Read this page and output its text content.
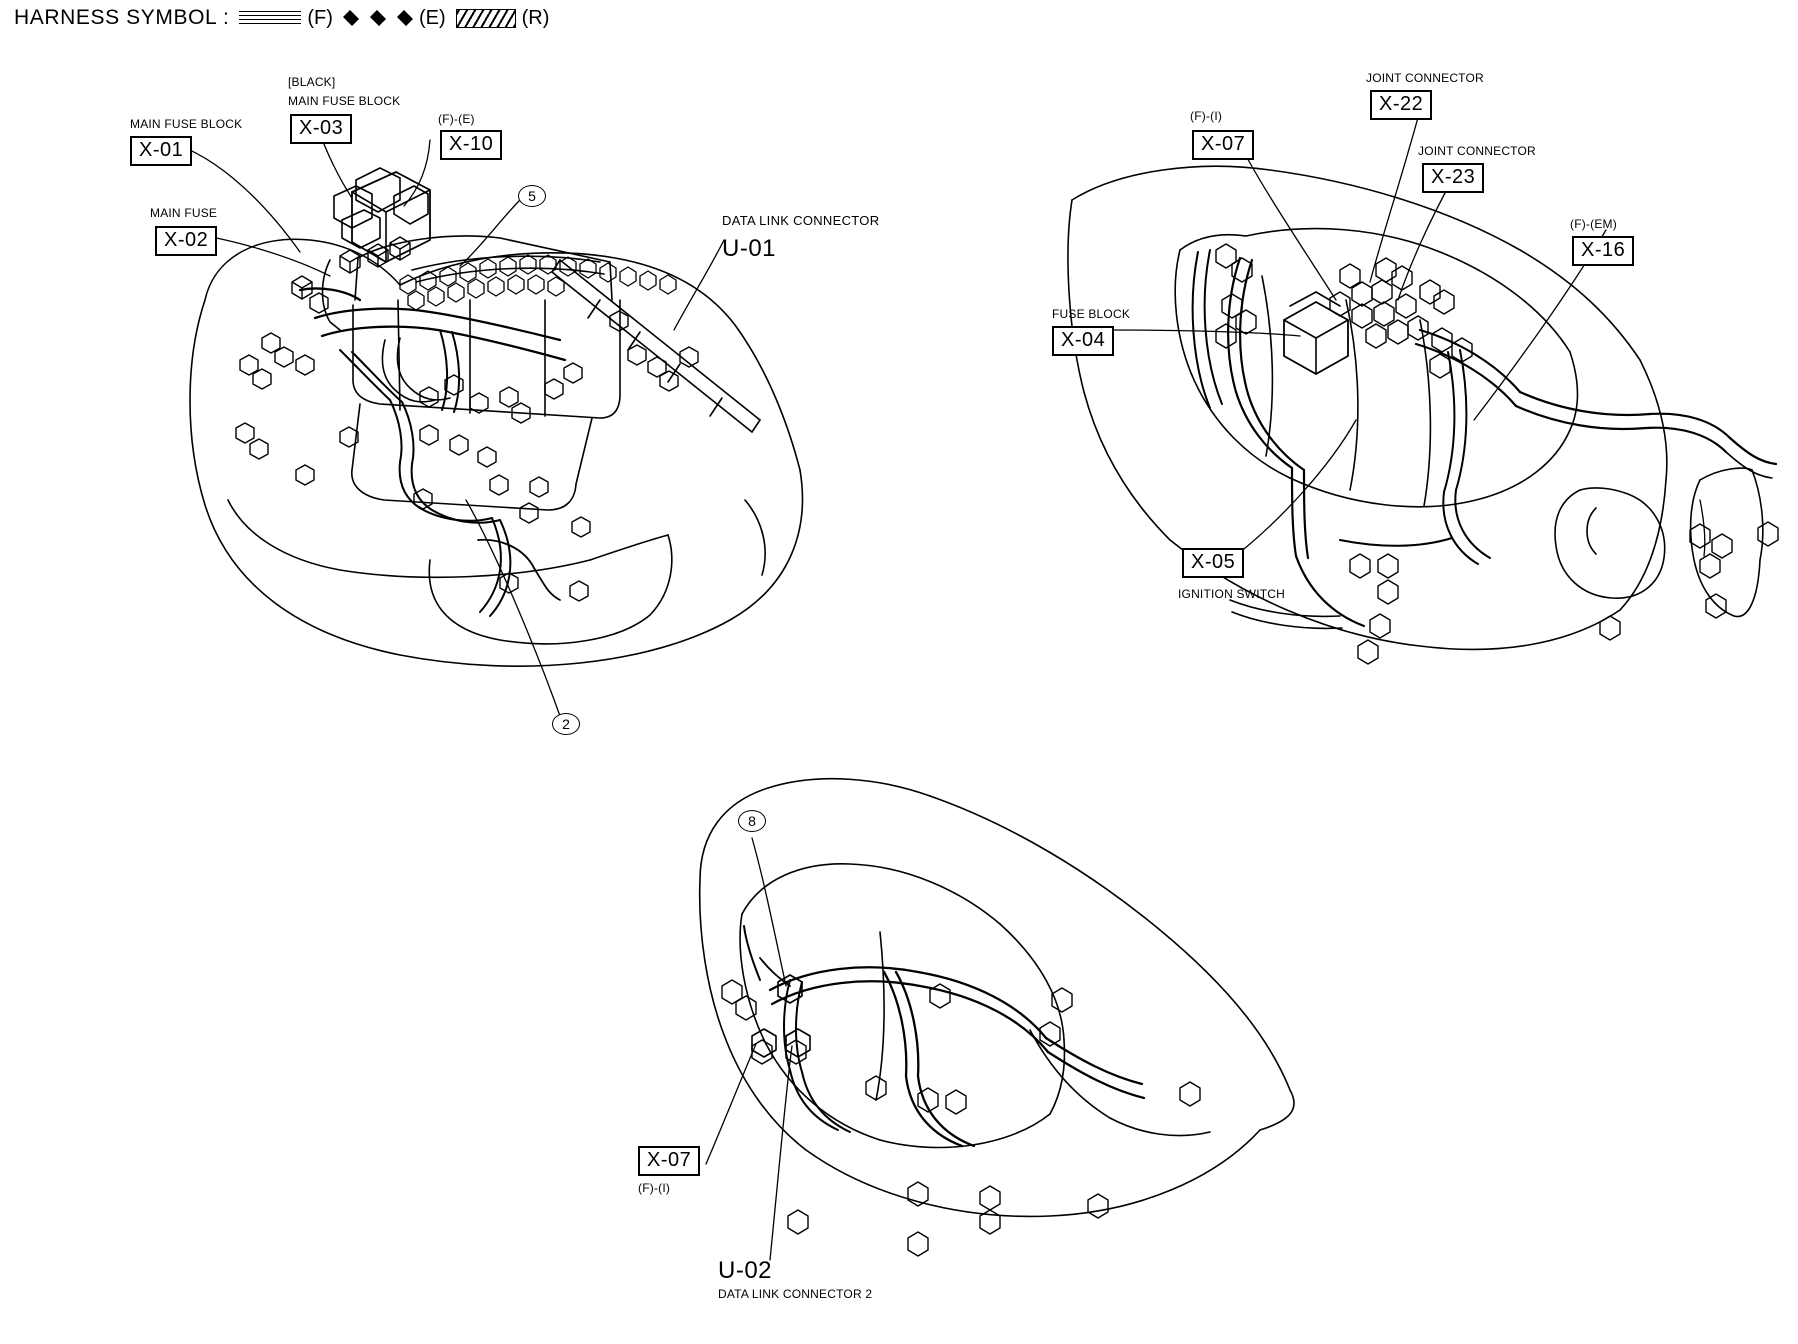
HARNESS SYMBOL :	(F)	(E)	(R)
MAIN FUSE BLOCK
X-01
MAIN FUSE
X-02
[BLACK]
MAIN FUSE BLOCK
X-03	(F)-(E)
X-10
5
2
DATA LINK CONNECTOR
U-01
(F)-(I)
X-07
JOINT CONNECTOR
X-22
JOINT CONNECTOR
X-23
(F)-(EM)
X-16
FUSE BLOCK
X-04
X-05
IGNITION SWITCH
8
X-07
(F)-(I)
U-02
DATA LINK CONNECTOR 2
